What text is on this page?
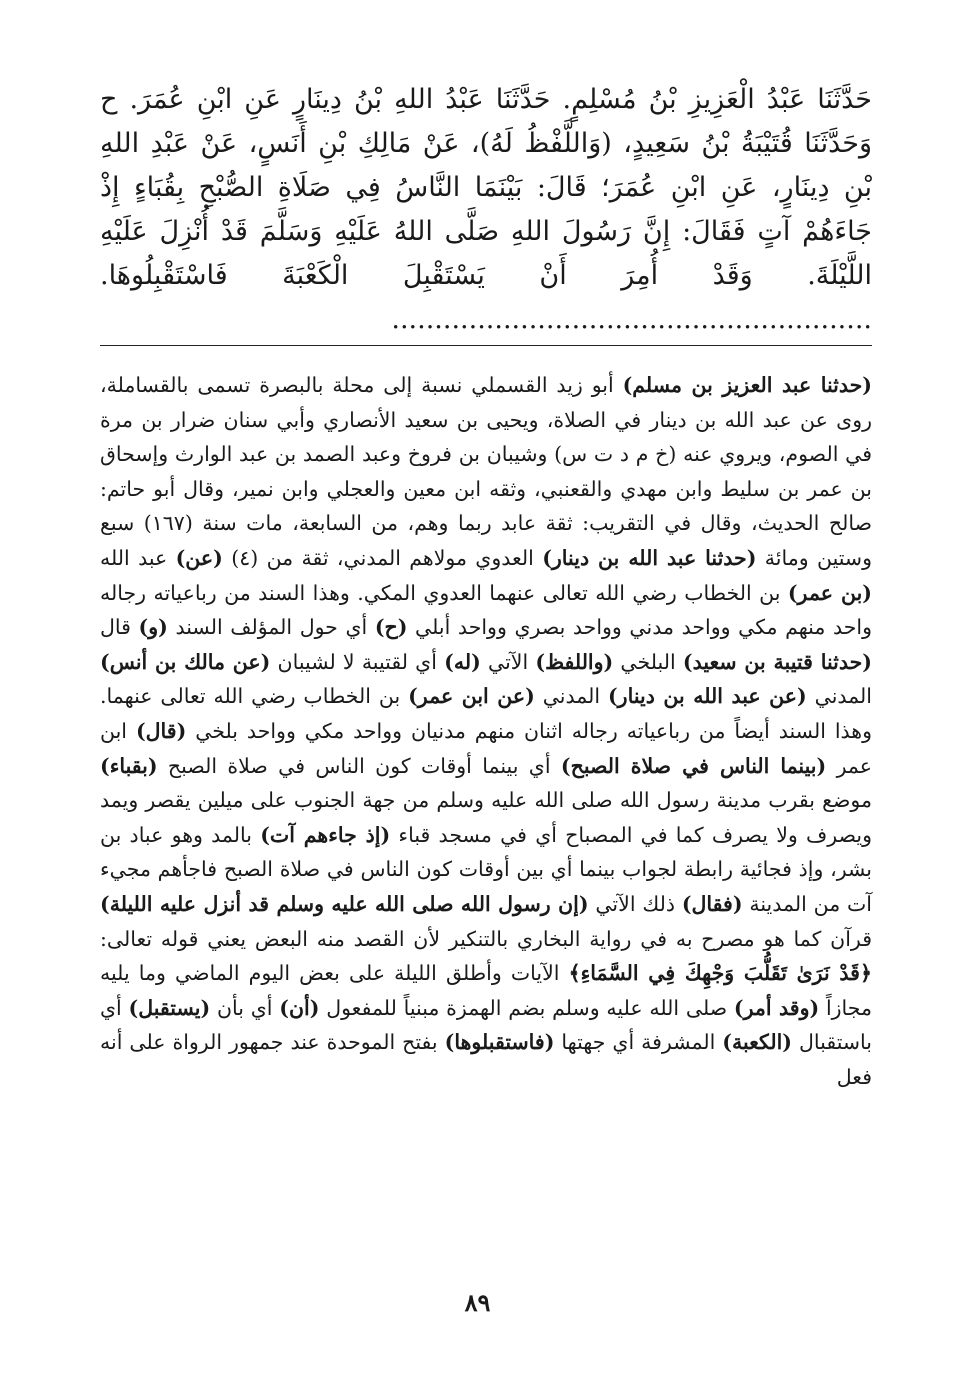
حَدَّثَنَا عَبْدُ الْعَزِيزِ بْنُ مُسْلِمٍ. حَدَّثَنَا عَبْدُ اللهِ بْنُ دِينَارٍ عَنِ ابْنِ عُمَرَ. ح وَحَدَّثَنَا قُتَيْبَةُ بْنُ سَعِيدٍ، (وَاللَّفْظُ لَهُ)، عَنْ مَالِكِ بْنِ أَنَسٍ، عَنْ عَبْدِ اللهِ بْنِ دِينَارٍ، عَنِ ابْنِ عُمَرَ؛ قَالَ: بَيْنَمَا النَّاسُ فِي صَلَاةِ الصُّبْحِ بِقُبَاءٍ إِذْ جَاءَهُمْ آتٍ فَقَالَ: إِنَّ رَسُولَ اللهِ صَلَّى اللهُ عَلَيْهِ وَسَلَّمَ قَدْ أُنْزِلَ عَلَيْهِ اللَّيْلَةَ. وَقَدْ أُمِرَ أَنْ يَسْتَقْبِلَ الْكَعْبَةَ فَاسْتَقْبِلُوهَا. ........................................................

(حدثنا عبد العزيز بن مسلم) أبو زيد القسملي نسبة إلى محلة بالبصرة تسمى بالقساملة، روى عن عبد الله بن دينار في الصلاة، ويحيى بن سعيد الأنصاري وأبي سنان ضرار بن مرة في الصوم، ويروي عنه (خ م د ت س) وشيبان بن فروخ وعبد الصمد بن عبد الوارث وإسحاق بن عمر بن سليط وابن مهدي والقعنبي، وثقه ابن معين والعجلي وابن نمير، وقال أبو حاتم: صالح الحديث، وقال في التقريب: ثقة عابد ربما وهم، من السابعة، مات سنة (١٦٧) سبع وستين ومائة (حدثنا عبد الله بن دينار) العدوي مولاهم المدني، ثقة من (٤) (عن) عبد الله (بن عمر) بن الخطاب رضي الله تعالى عنهما العدوي المكي. وهذا السند من رباعياته رجاله واحد منهم مكي وواحد مدني وواحد بصري وواحد أبلي (ح) أي حول المؤلف السند (و) قال (حدثنا قتيبة بن سعيد) البلخي (واللفظ) الآتي (له) أي لقتيبة لا لشيبان (عن مالك بن أنس) المدني (عن عبد الله بن دينار) المدني (عن ابن عمر) بن الخطاب رضي الله تعالى عنهما. وهذا السند أيضاً من رباعياته رجاله اثنان منهم مدنيان وواحد مكي وواحد بلخي (قال) ابن عمر (بينما الناس في صلاة الصبح) أي بينما أوقات كون الناس في صلاة الصبح (بقباء) موضع بقرب مدينة رسول الله صلى الله عليه وسلم من جهة الجنوب على ميلين يقصر ويمد ويصرف ولا يصرف كما في المصباح أي في مسجد قباء (إذ جاءهم آت) بالمد وهو عباد بن بشر، وإذ فجائية رابطة لجواب بينما أي بين أوقات كون الناس في صلاة الصبح فاجأهم مجيء آت من المدينة (فقال) ذلك الآتي (إن رسول الله صلى الله عليه وسلم قد أنزل عليه الليلة) قرآن كما هو مصرح به في رواية البخاري بالتنكير لأن القصد منه البعض يعني قوله تعالى: ﴿قَدْ نَرَىٰ تَقَلُّبَ وَجْهِكَ فِي السَّمَاءِ﴾ الآيات وأطلق الليلة على بعض اليوم الماضي وما يليه مجازاً (وقد أمر) صلى الله عليه وسلم بضم الهمزة مبنياً للمفعول (أن) أي بأن (يستقبل) أي باستقبال (الكعبة) المشرفة أي جهتها (فاستقبلوها) بفتح الموحدة عند جمهور الرواة على أنه فعل

٨٩
